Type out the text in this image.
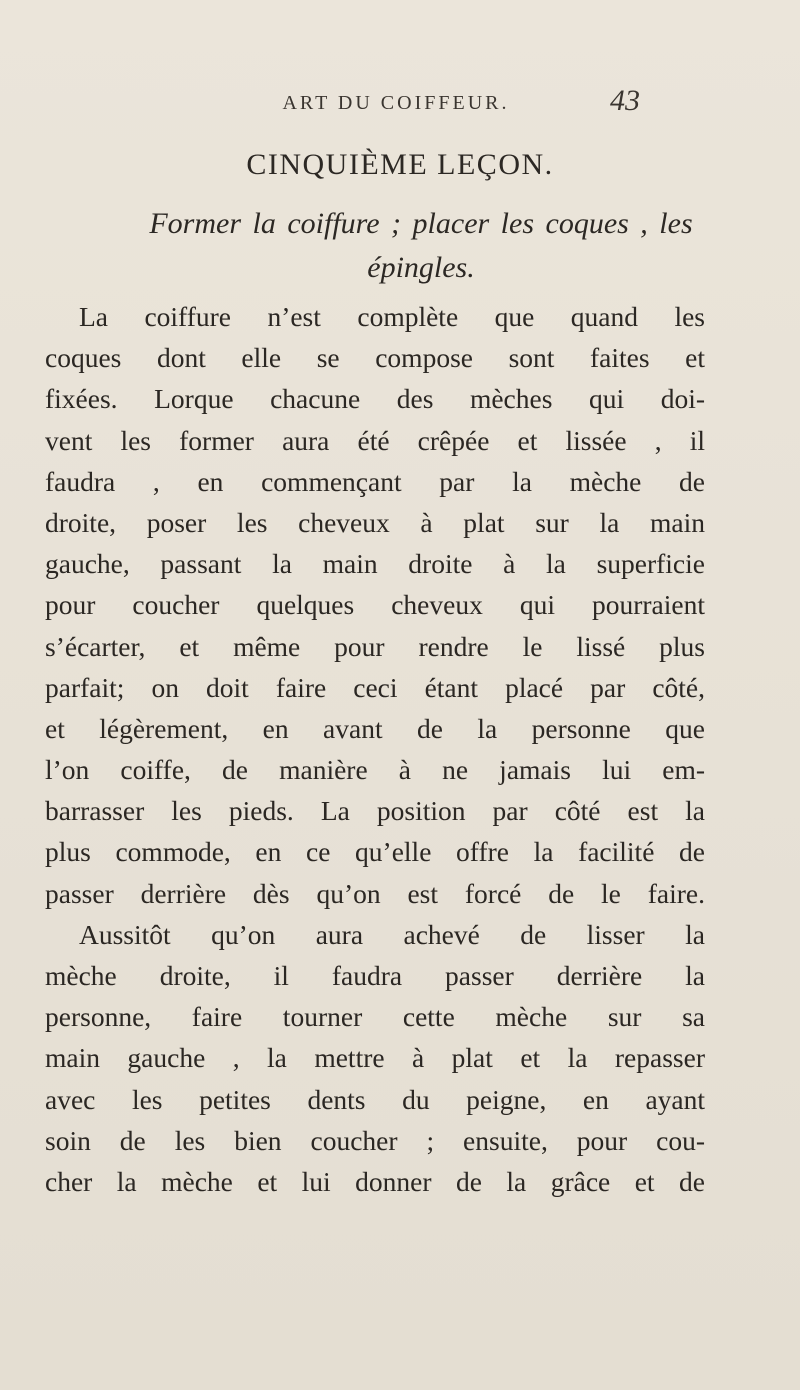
ART DU COIFFEUR.	43
CINQUIÈME LEÇON.
Former la coiffure ; placer les coques , les
épingles.
La coiffure n’est complète que quand les
coques dont elle se compose sont faites et
fixées. Lorque chacune des mèches qui doi-
vent les former aura été crêpée et lissée , il
faudra , en commençant par la mèche de
droite, poser les cheveux à plat sur la main
gauche, passant la main droite à la superficie
pour coucher quelques cheveux qui pourraient
s’écarter, et même pour rendre le lissé plus
parfait; on doit faire ceci étant placé par côté,
et légèrement, en avant de la personne que
l’on coiffe, de manière à ne jamais lui em-
barrasser les pieds. La position par côté est la
plus commode, en ce qu’elle offre la facilité de
passer derrière dès qu’on est forcé de le faire.
Aussitôt qu’on aura achevé de lisser la
mèche droite, il faudra passer derrière la
personne, faire tourner cette mèche sur sa
main gauche , la mettre à plat et la repasser
avec les petites dents du peigne, en ayant
soin de les bien coucher ; ensuite, pour cou-
cher la mèche et lui donner de la grâce et de
